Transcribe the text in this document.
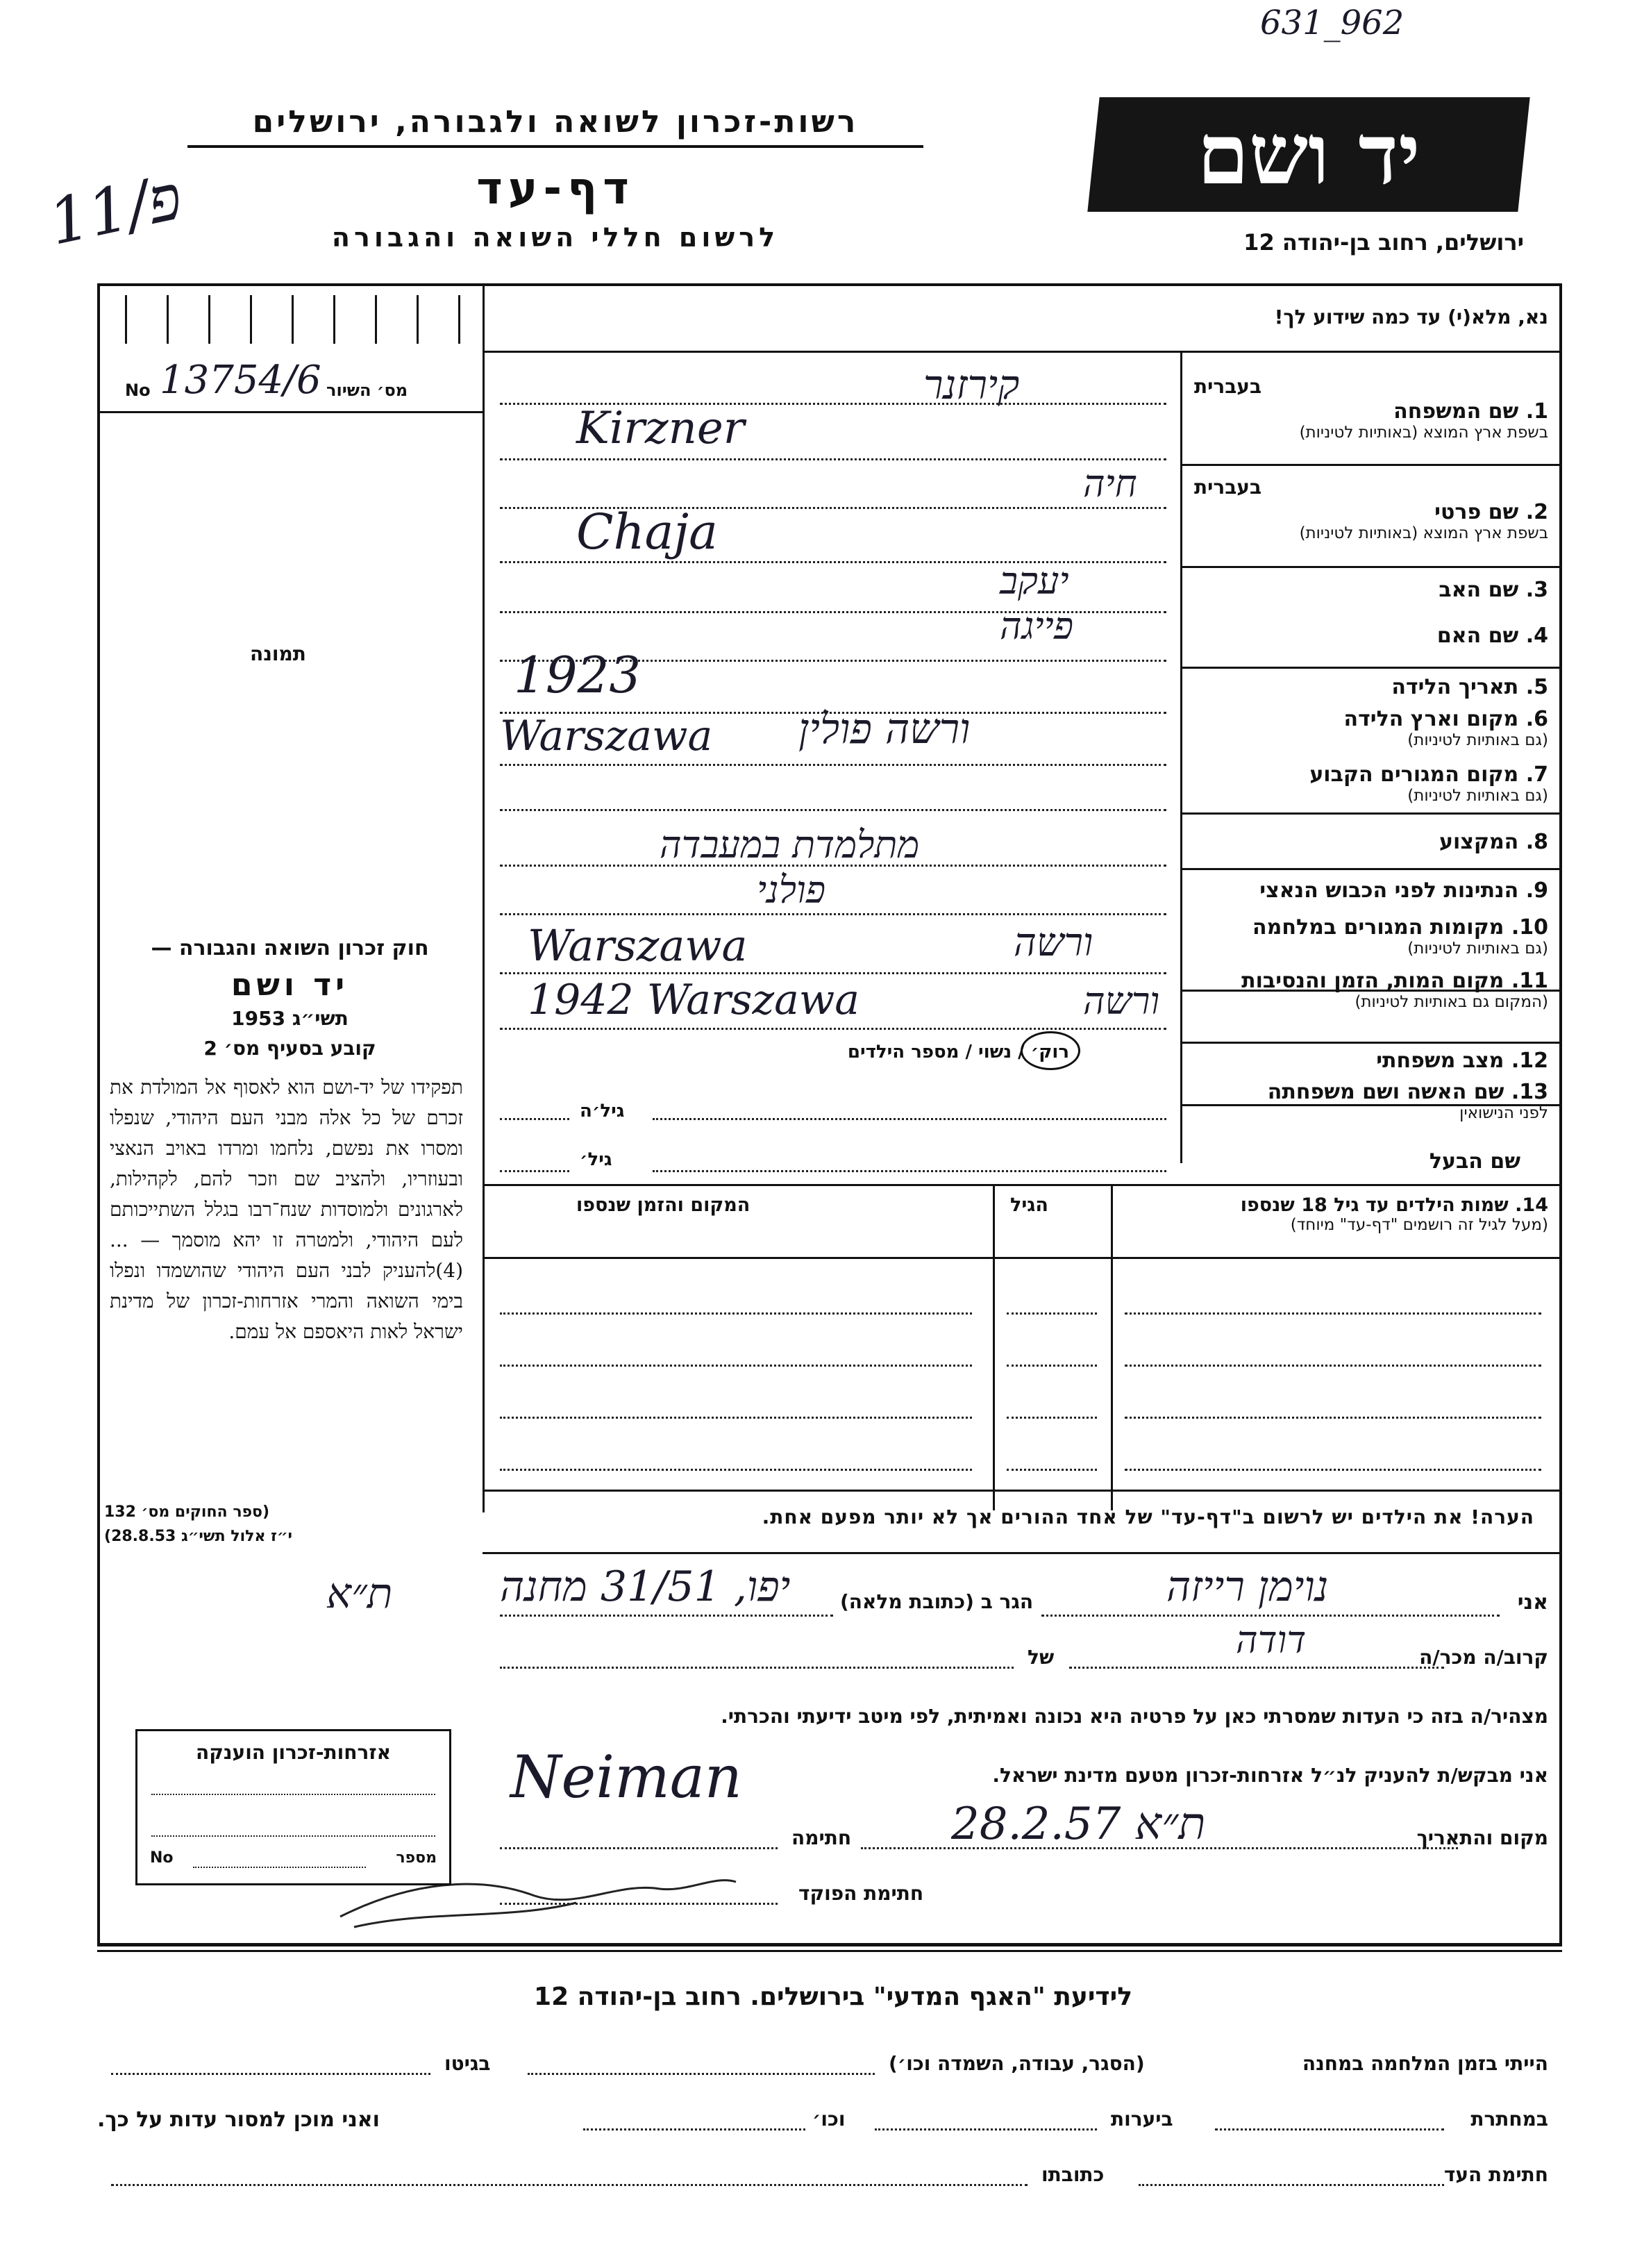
631_962
יד ושם
ירושלים, רחוב בן-יהודה 12
רשות-זכרון לשואה ולגבורה, ירושלים
דף-עד
לרשום חללי השואה והגבורה
פ/11
נא, מלא(י) עד כמה שידוע לך!
No 13754/6 מס׳ השיור
תמונה
חוק זכרון השואה והגבורה —
יד ושם
תשי״ג 1953
קובע בסעיף מס׳ 2
תפקידו של יד-ושם הוא לאסוף אל המולדת את זכרם של כל אלה מבני העם היהודי, שנפלו ומסרו את נפשם, נלחמו ומרדו באויב הנאצי ובעוזריו, ולהציב שם וזכר להם, לקהילות, לארגונים ולמוסדות שנח־רבו בגלל השתייכותם לעם היהודי, ולמטרה זו יהא מוסמך — ...(4)להעניק לבני העם היהודי שהושמדו ונפלו בימי השואה והמרי אזרחות-זכרון של מדינת ישראל לאות היאספם אל עמם.
(ספר החוקים מס׳ 132
י״ז אלול תשי״ג 28.8.53)
בעברית
1. שם המשפחה
בשפת ארץ המוצא (באותיות לטיניות)
קירזנר
Kirzner
בעברית
2. שם פרטי
בשפת ארץ המוצא (באותיות לטיניות)
חיה
Chaja
3. שם האב
יעקב
4. שם האם
פייגה
5. תאריך הלידה
1923
6. מקום וארץ הלידה
(גם באותיות לטיניות)
ורשה פולין
Warszawa
7. מקום המגורים הקבוע
(גם באותיות לטיניות)
8. המקצוע
מתלמדת במעבדה
9. הנתינות לפני הכבוש הנאצי
פולני
10. מקומות המגורים במלחמה
(גם באותיות לטיניות)
ורשה
Warszawa
11. מקום המות, הזמן והנסיבות
(המקום גם באותיות לטיניות)
ורשה
1942 Warszawa
12. מצב משפחתי
רוק׳ / נשוי / מספר הילדים
13. שם האשה ושם משפחתה
לפני הנישואין
גיל׳ה
שם הבעל
גיל׳
14. שמות הילדים עד גיל 18 שנספו
(מעל לגיל זה רושמים "דף-עד" מיוחד)
הגיל
המקום והזמן שנספו
הערה! את הילדים יש לרשום ב"דף-עד" של אחד ההורים אך לא יותר מפעם אחת.
אני
נוימן רייזה
הגר ב (כתובת מלאה)
יפו, 31/51 מחנה
ת״א
קרוב/ה מכר/ה
דודה
של
מצהיר/ה בזה כי העדות שמסרתי כאן על פרטיה היא נכונה ואמיתית, לפי מיטב ידיעתי והכרתי.
אני מבקש/ת להעניק לנ״ל אזרחות-זכרון מטעם מדינת ישראל.
Neiman
מקום והתאריך
ת״א 28.2.57
חתימה
חתימת הפוקד
אזרחות-זכרון הוענקה
No	מספר
לידיעת "האגף המדעי" בירושלים. רחוב בן-יהודה 12
הייתי בזמן המלחמה במחנה
(הסגר, עבודה, השמדה וכו׳)
בגיטו
במחתרת
ביערות
וכו׳
ואני מוכן למסור עדות על כך.
חתימת העד
כתובתו
